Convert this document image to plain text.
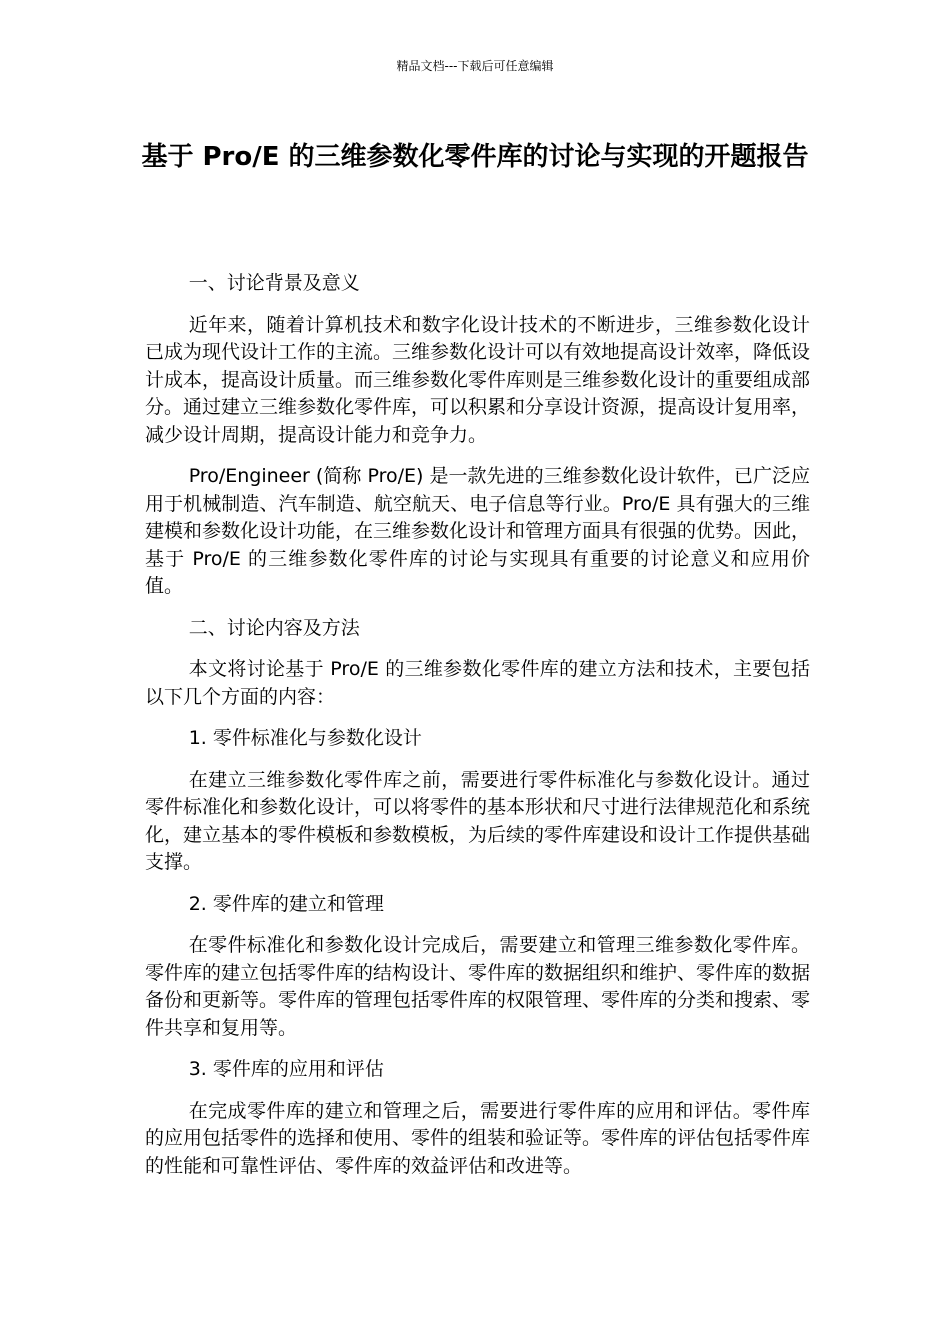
精品文档---下载后可任意编辑
基于 Pro/E 的三维参数化零件库的讨论与实现的开题报告

一、讨论背景及意义

近年来，随着计算机技术和数字化设计技术的不断进步，三维参数化设计已成为现代设计工作的主流。三维参数化设计可以有效地提高设计效率，降低设计成本，提高设计质量。而三维参数化零件库则是三维参数化设计的重要组成部分。通过建立三维参数化零件库，可以积累和分享设计资源，提高设计复用率，减少设计周期，提高设计能力和竞争力。

Pro/Engineer (简称 Pro/E) 是一款先进的三维参数化设计软件，已广泛应用于机械制造、汽车制造、航空航天、电子信息等行业。Pro/E 具有强大的三维建模和参数化设计功能，在三维参数化设计和管理方面具有很强的优势。因此，基于 Pro/E 的三维参数化零件库的讨论与实现具有重要的讨论意义和应用价值。

二、讨论内容及方法

本文将讨论基于 Pro/E 的三维参数化零件库的建立方法和技术，主要包括以下几个方面的内容：

1. 零件标准化与参数化设计

在建立三维参数化零件库之前，需要进行零件标准化与参数化设计。通过零件标准化和参数化设计，可以将零件的基本形状和尺寸进行法律规范化和系统化，建立基本的零件模板和参数模板，为后续的零件库建设和设计工作提供基础支撑。

2. 零件库的建立和管理

在零件标准化和参数化设计完成后，需要建立和管理三维参数化零件库。零件库的建立包括零件库的结构设计、零件库的数据组织和维护、零件库的数据备份和更新等。零件库的管理包括零件库的权限管理、零件库的分类和搜索、零件共享和复用等。

3. 零件库的应用和评估

在完成零件库的建立和管理之后，需要进行零件库的应用和评估。零件库的应用包括零件的选择和使用、零件的组装和验证等。零件库的评估包括零件库的性能和可靠性评估、零件库的效益评估和改进等。
